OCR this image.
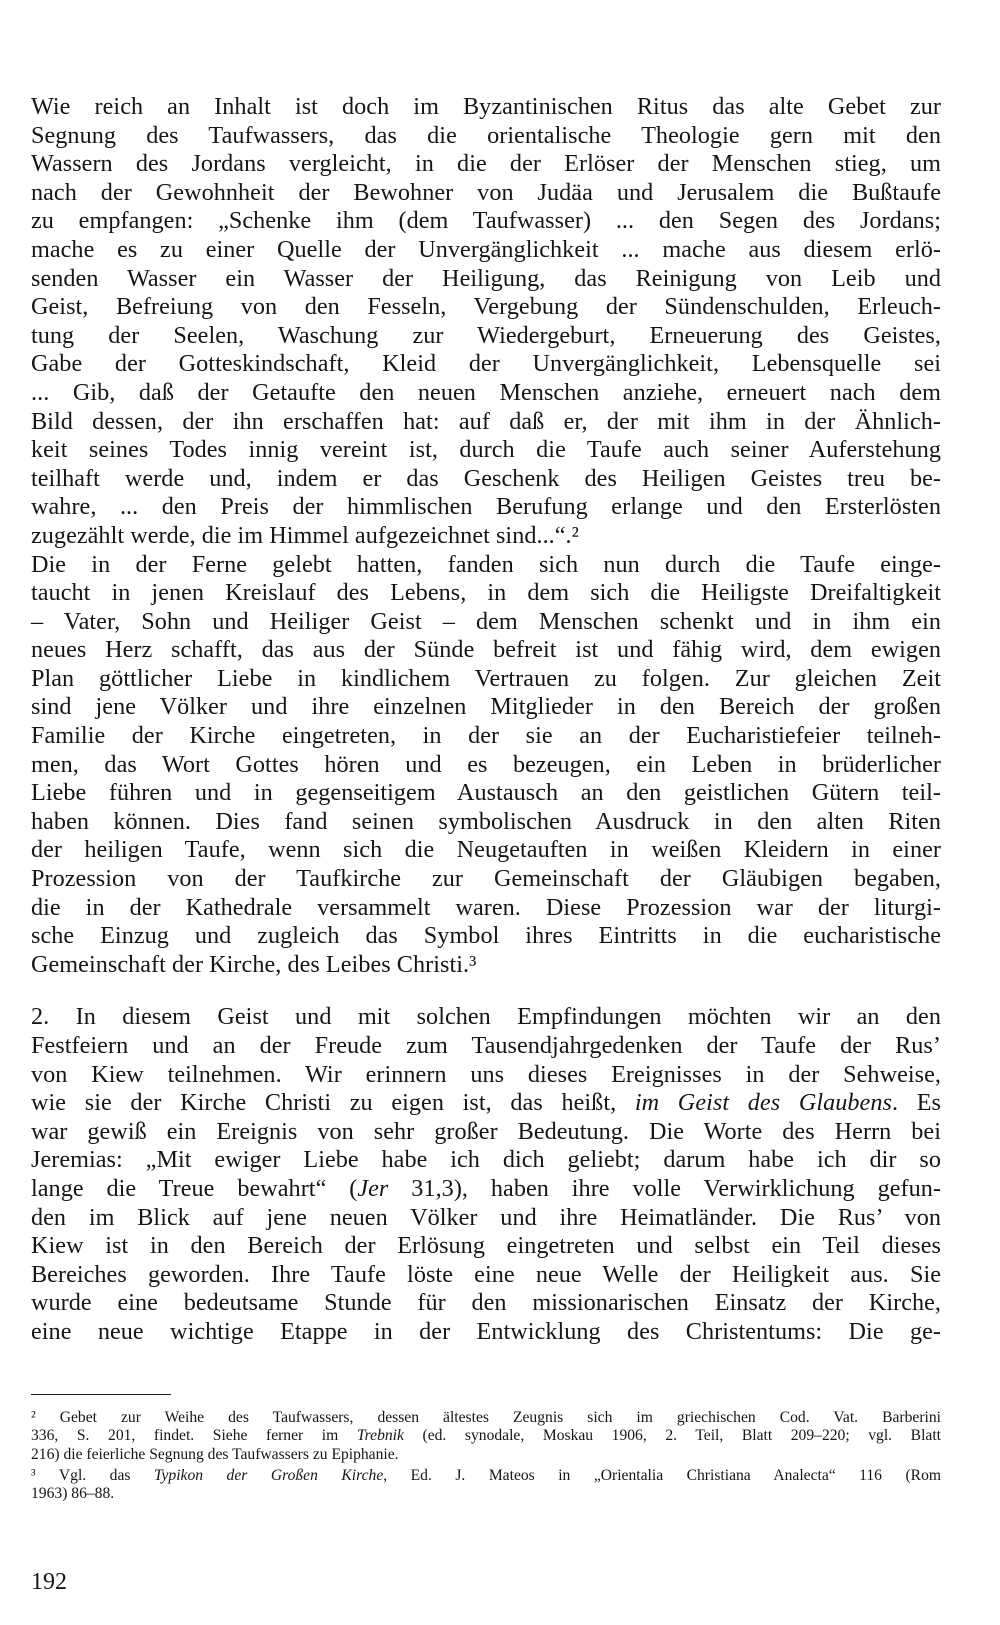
Wie reich an Inhalt ist doch im Byzantinischen Ritus das alte Gebet zur
Segnung des Taufwassers, das die orientalische Theologie gern mit den
Wassern des Jordans vergleicht, in die der Erlöser der Menschen stieg, um
nach der Gewohnheit der Bewohner von Judäa und Jerusalem die Bußtaufe
zu empfangen: „Schenke ihm (dem Taufwasser) ... den Segen des Jordans;
mache es zu einer Quelle der Unvergänglichkeit ... mache aus diesem erlö-
senden Wasser ein Wasser der Heiligung, das Reinigung von Leib und
Geist, Befreiung von den Fesseln, Vergebung der Sündenschulden, Erleuch-
tung der Seelen, Waschung zur Wiedergeburt, Erneuerung des Geistes,
Gabe der Gotteskindschaft, Kleid der Unvergänglichkeit, Lebensquelle sei
... Gib, daß der Getaufte den neuen Menschen anziehe, erneuert nach dem
Bild dessen, der ihn erschaffen hat: auf daß er, der mit ihm in der Ähnlich-
keit seines Todes innig vereint ist, durch die Taufe auch seiner Auferstehung
teilhaft werde und, indem er das Geschenk des Heiligen Geistes treu be-
wahre, ... den Preis der himmlischen Berufung erlange und den Ersterlösten
zugezählt werde, die im Himmel aufgezeichnet sind...“.²
Die in der Ferne gelebt hatten, fanden sich nun durch die Taufe einge-
taucht in jenen Kreislauf des Lebens, in dem sich die Heiligste Dreifaltigkeit
– Vater, Sohn und Heiliger Geist – dem Menschen schenkt und in ihm ein
neues Herz schafft, das aus der Sünde befreit ist und fähig wird, dem ewigen
Plan göttlicher Liebe in kindlichem Vertrauen zu folgen. Zur gleichen Zeit
sind jene Völker und ihre einzelnen Mitglieder in den Bereich der großen
Familie der Kirche eingetreten, in der sie an der Eucharistiefeier teilneh-
men, das Wort Gottes hören und es bezeugen, ein Leben in brüderlicher
Liebe führen und in gegenseitigem Austausch an den geistlichen Gütern teil-
haben können. Dies fand seinen symbolischen Ausdruck in den alten Riten
der heiligen Taufe, wenn sich die Neugetauften in weißen Kleidern in einer
Prozession von der Taufkirche zur Gemeinschaft der Gläubigen begaben,
die in der Kathedrale versammelt waren. Diese Prozession war der liturgi-
sche Einzug und zugleich das Symbol ihres Eintritts in die eucharistische
Gemeinschaft der Kirche, des Leibes Christi.³
2. In diesem Geist und mit solchen Empfindungen möchten wir an den
Festfeiern und an der Freude zum Tausendjahrgedenken der Taufe der Rus’
von Kiew teilnehmen. Wir erinnern uns dieses Ereignisses in der Sehweise,
wie sie der Kirche Christi zu eigen ist, das heißt, im Geist des Glaubens. Es
war gewiß ein Ereignis von sehr großer Bedeutung. Die Worte des Herrn bei
Jeremias: „Mit ewiger Liebe habe ich dich geliebt; darum habe ich dir so
lange die Treue bewahrt“ (Jer 31,3), haben ihre volle Verwirklichung gefun-
den im Blick auf jene neuen Völker und ihre Heimatländer. Die Rus’ von
Kiew ist in den Bereich der Erlösung eingetreten und selbst ein Teil dieses
Bereiches geworden. Ihre Taufe löste eine neue Welle der Heiligkeit aus. Sie
wurde eine bedeutsame Stunde für den missionarischen Einsatz der Kirche,
eine neue wichtige Etappe in der Entwicklung des Christentums: Die ge-
² Gebet zur Weihe des Taufwassers, dessen ältestes Zeugnis sich im griechischen Cod. Vat. Barberini
336, S. 201, findet. Siehe ferner im Trebnik (ed. synodale, Moskau 1906, 2. Teil, Blatt 209–220; vgl. Blatt
216) die feierliche Segnung des Taufwassers zu Epiphanie.
³ Vgl. das Typikon der Großen Kirche, Ed. J. Mateos in „Orientalia Christiana Analecta“ 116 (Rom
1963) 86–88.
192
